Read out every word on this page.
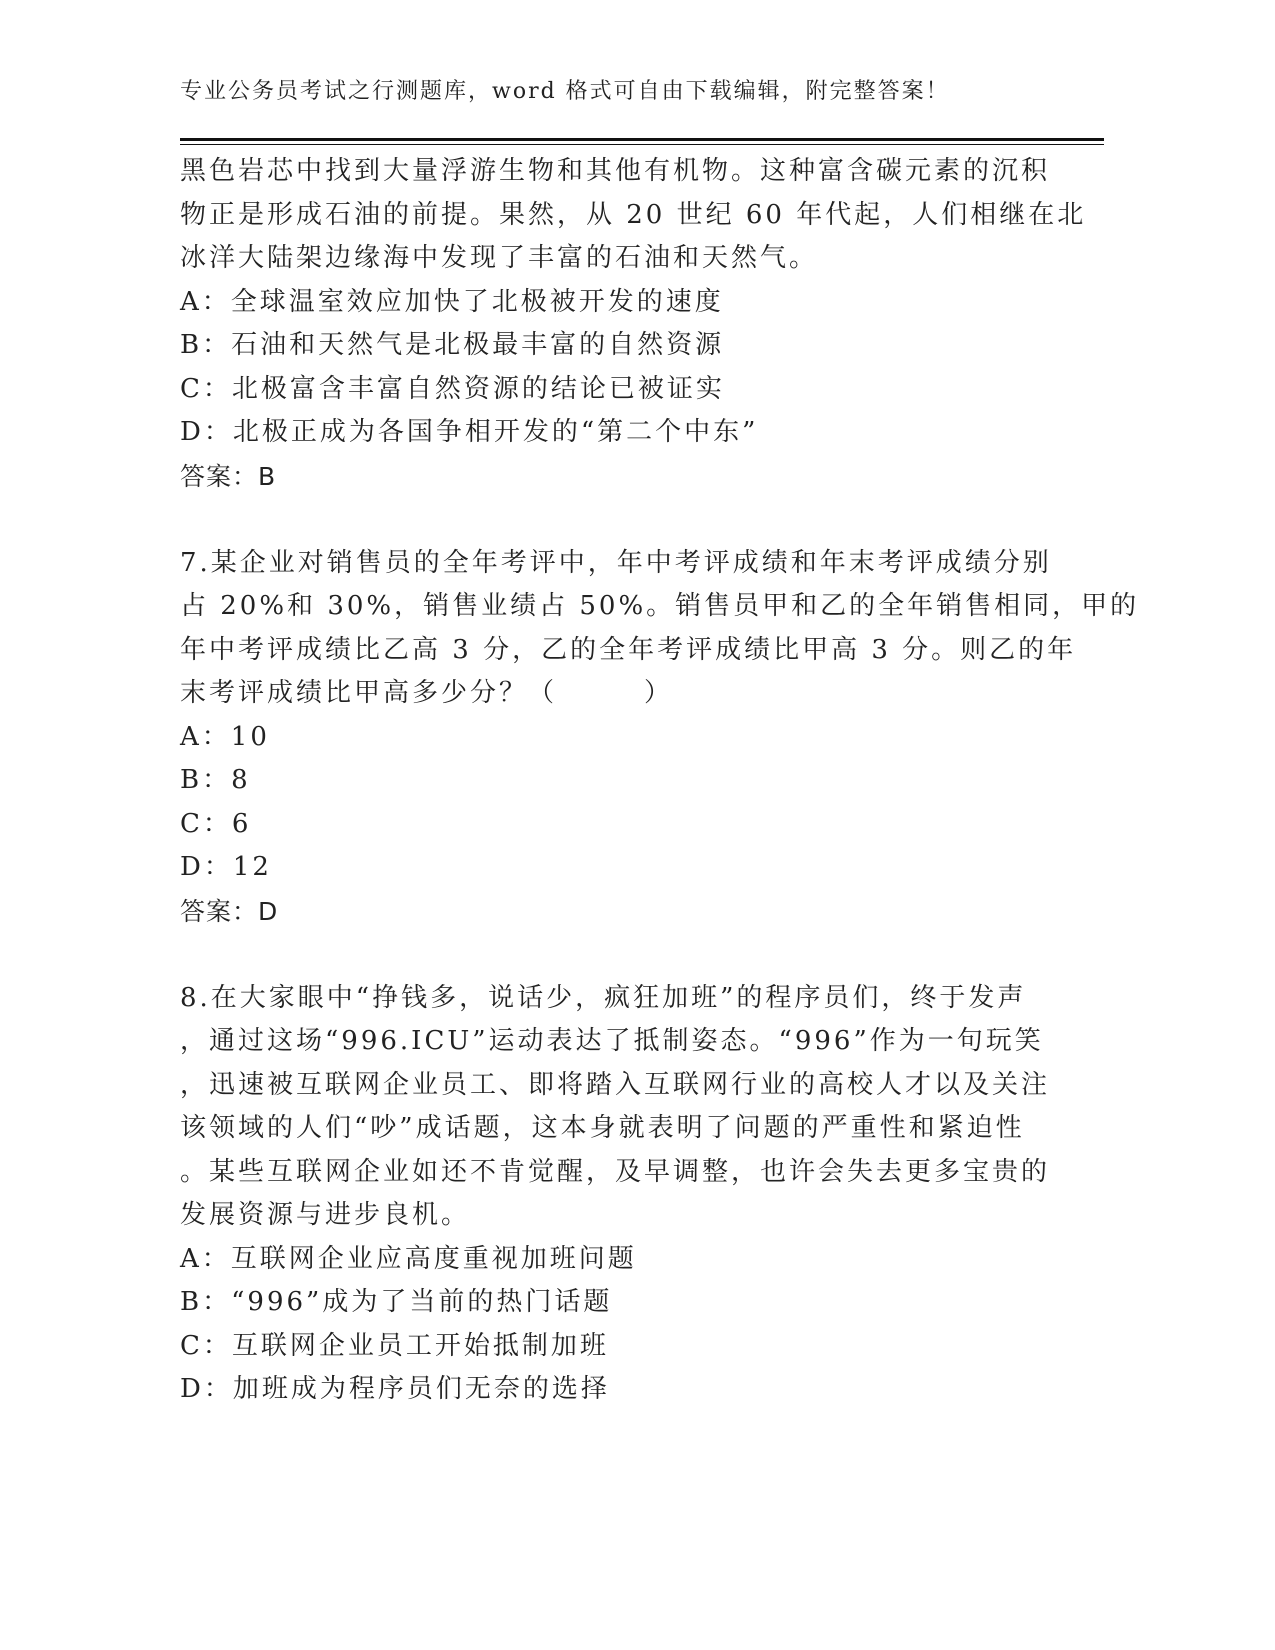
专业公务员考试之行测题库，word 格式可自由下载编辑，附完整答案！
黑色岩芯中找到大量浮游生物和其他有机物。这种富含碳元素的沉积
物正是形成石油的前提。果然，从 20 世纪 60 年代起，人们相继在北
冰洋大陆架边缘海中发现了丰富的石油和天然气。
A：全球温室效应加快了北极被开发的速度
B：石油和天然气是北极最丰富的自然资源
C：北极富含丰富自然资源的结论已被证实
D：北极正成为各国争相开发的“第二个中东”
答案：B
7.某企业对销售员的全年考评中，年中考评成绩和年末考评成绩分别
占 20%和 30%，销售业绩占 50%。销售员甲和乙的全年销售相同，甲的
年中考评成绩比乙高 3 分，乙的全年考评成绩比甲高 3 分。则乙的年
末考评成绩比甲高多少分？（　　　）
A：10
B：8
C：6
D：12
答案：D
8.在大家眼中“挣钱多，说话少，疯狂加班”的程序员们，终于发声
，通过这场“996.ICU”运动表达了抵制姿态。“996”作为一句玩笑
，迅速被互联网企业员工、即将踏入互联网行业的高校人才以及关注
该领域的人们“吵”成话题，这本身就表明了问题的严重性和紧迫性
。某些互联网企业如还不肯觉醒，及早调整，也许会失去更多宝贵的
发展资源与进步良机。
A：互联网企业应高度重视加班问题
B：“996”成为了当前的热门话题
C：互联网企业员工开始抵制加班
D：加班成为程序员们无奈的选择
